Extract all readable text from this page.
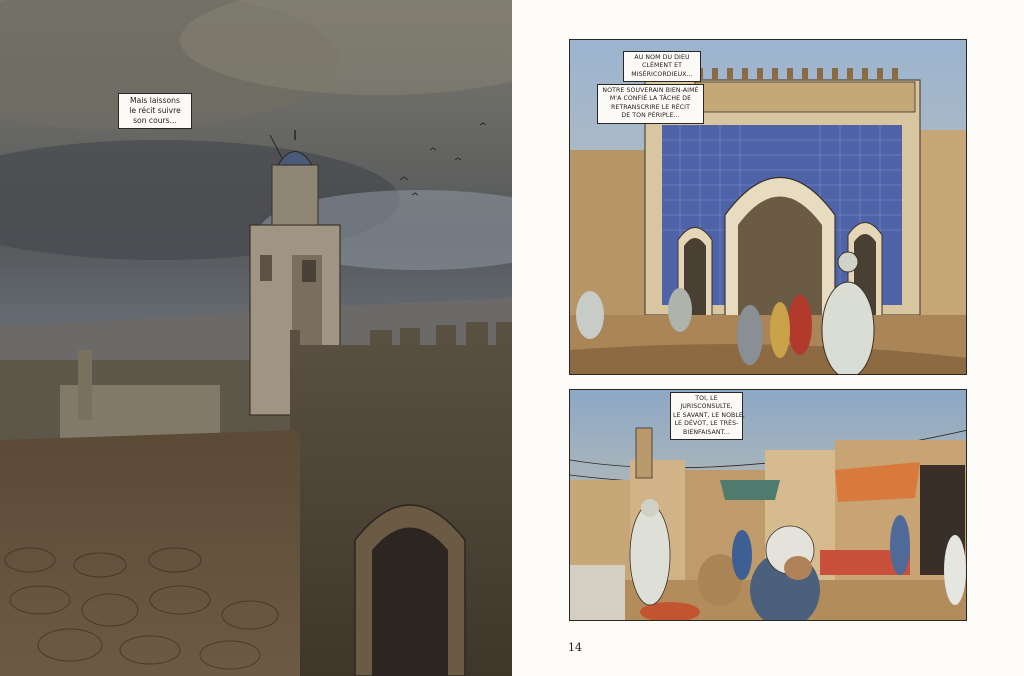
Mais laissons
le récit suivre
son cours...
AU NOM DU DIEU
CLÉMENT ET
MISÉRICORDIEUX...
NOTRE SOUVERAIN BIEN-AIMÉ
M'A CONFIÉ LA TÂCHE DE
RETRANSCRIRE LE RÉCIT
DE TON PÉRIPLE...
TOI, LE
JURISCONSULTE,
LE SAVANT, LE NOBLE,
LE DÉVOT, LE TRÈS-
BIENFAISANT...
14
